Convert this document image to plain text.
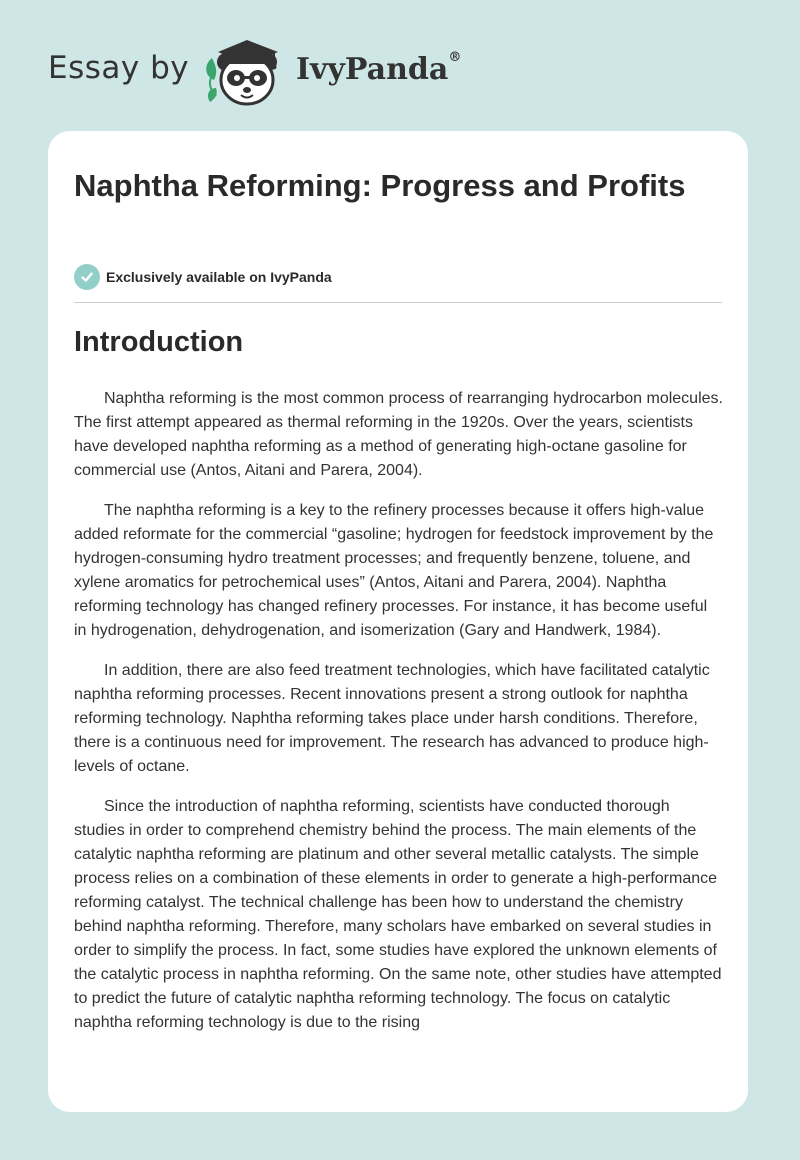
Essay by	IvyPanda®
Naphtha Reforming: Progress and Profits
Exclusively available on IvyPanda
Introduction

Naphtha reforming is the most common process of rearranging hydrocarbon molecules. The first attempt appeared as thermal reforming in the 1920s. Over the years, scientists have developed naphtha reforming as a method of generating high-octane gasoline for commercial use (Antos, Aitani and Parera, 2004).

The naphtha reforming is a key to the refinery processes because it offers high-value added reformate for the commercial “gasoline; hydrogen for feedstock improvement by the hydrogen-consuming hydro treatment processes; and frequently benzene, toluene, and xylene aromatics for petrochemical uses” (Antos, Aitani and Parera, 2004). Naphtha reforming technology has changed refinery processes. For instance, it has become useful in hydrogenation, dehydrogenation, and isomerization (Gary and Handwerk, 1984).

In addition, there are also feed treatment technologies, which have facilitated catalytic naphtha reforming processes. Recent innovations present a strong outlook for naphtha reforming technology. Naphtha reforming takes place under harsh conditions. Therefore, there is a continuous need for improvement. The research has advanced to produce high-levels of octane.

Since the introduction of naphtha reforming, scientists have conducted thorough studies in order to comprehend chemistry behind the process. The main elements of the catalytic naphtha reforming are platinum and other several metallic catalysts. The simple process relies on a combination of these elements in order to generate a high-performance reforming catalyst. The technical challenge has been how to understand the chemistry behind naphtha reforming. Therefore, many scholars have embarked on several studies in order to simplify the process. In fact, some studies have explored the unknown elements of the catalytic process in naphtha reforming. On the same note, other studies have attempted to predict the future of catalytic naphtha reforming technology. The focus on catalytic naphtha reforming technology is due to the rising
